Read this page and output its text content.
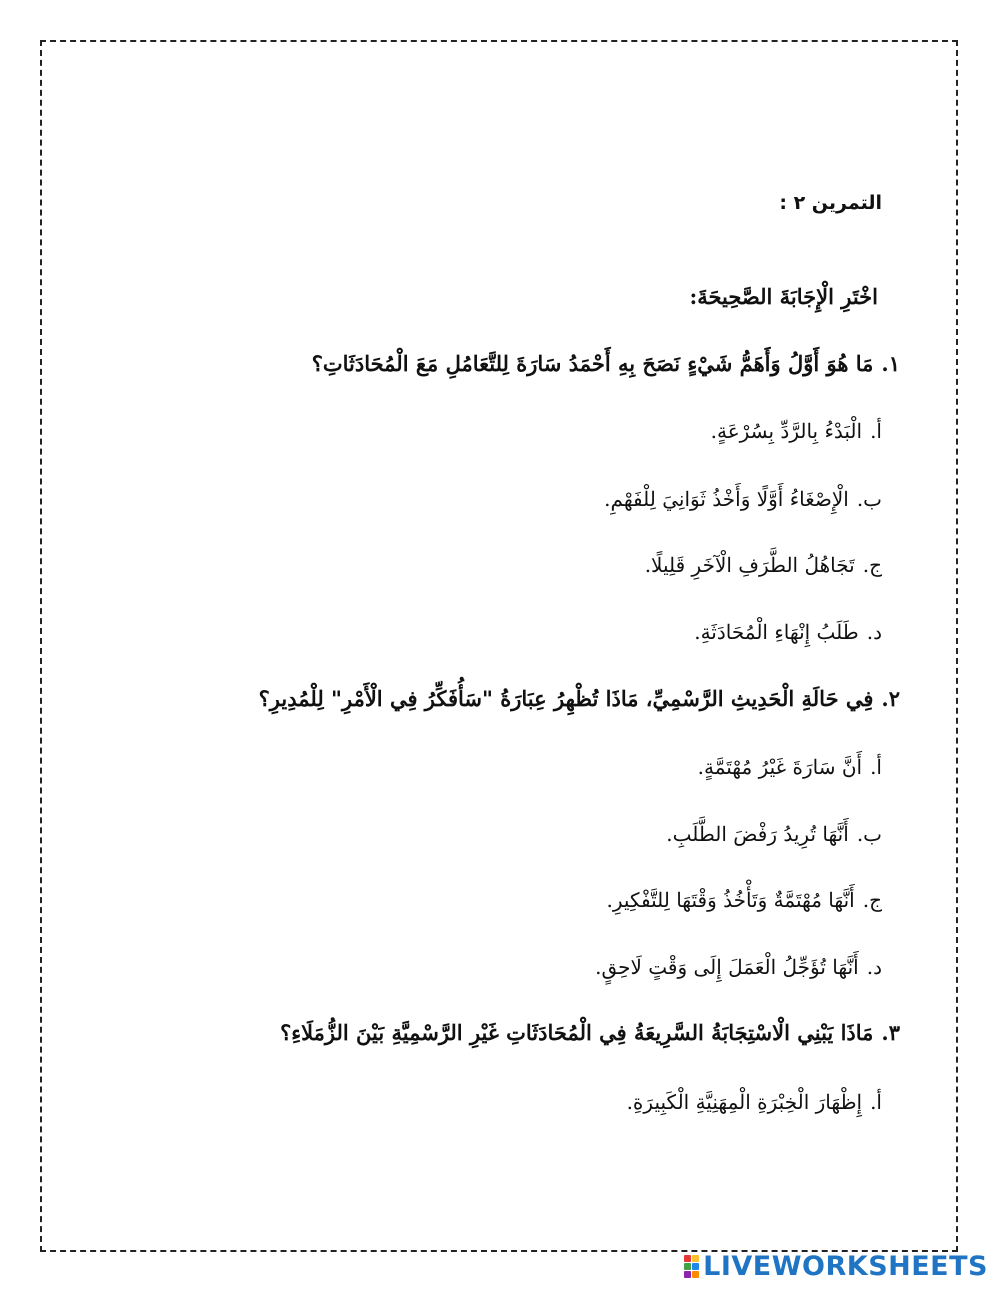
التمرين ٢ :
اخْتَرِ الْإِجَابَةَ الصَّحِيحَةَ:
١.مَا هُوَ أَوَّلُ وَأَهَمُّ شَيْءٍ نَصَحَ بِهِ أَحْمَدُ سَارَةَ لِلتَّعَامُلِ مَعَ الْمُحَادَثَاتِ؟
أ.الْبَدْءُ بِالرَّدِّ بِسُرْعَةٍ.
ب.الْإِصْغَاءُ أَوَّلًا وَأَخْذُ ثَوَانِيَ لِلْفَهْمِ.
ج.تَجَاهُلُ الطَّرَفِ الْآخَرِ قَلِيلًا.
د.طَلَبُ إِنْهَاءِ الْمُحَادَثَةِ.
٢.فِي حَالَةِ الْحَدِيثِ الرَّسْمِيِّ، مَاذَا تُظْهِرُ عِبَارَةُ "سَأُفَكِّرُ فِي الْأَمْرِ" لِلْمُدِيرِ؟
أ.أَنَّ سَارَةَ غَيْرُ مُهْتَمَّةٍ.
ب.أَنَّهَا تُرِيدُ رَفْضَ الطَّلَبِ.
ج.أَنَّهَا مُهْتَمَّةٌ وَتَأْخُذُ وَقْتَهَا لِلتَّفْكِيرِ.
د.أَنَّهَا تُؤَجِّلُ الْعَمَلَ إِلَى وَقْتٍ لَاحِقٍ.
٣.مَاذَا يَبْنِي الْاسْتِجَابَةُ السَّرِيعَةُ فِي الْمُحَادَثَاتِ غَيْرِ الرَّسْمِيَّةِ بَيْنَ الزُّمَلَاءِ؟
أ.إِظْهَارَ الْخِبْرَةِ الْمِهَنِيَّةِ الْكَبِيرَةِ.
LIVEWORKSHEETS
